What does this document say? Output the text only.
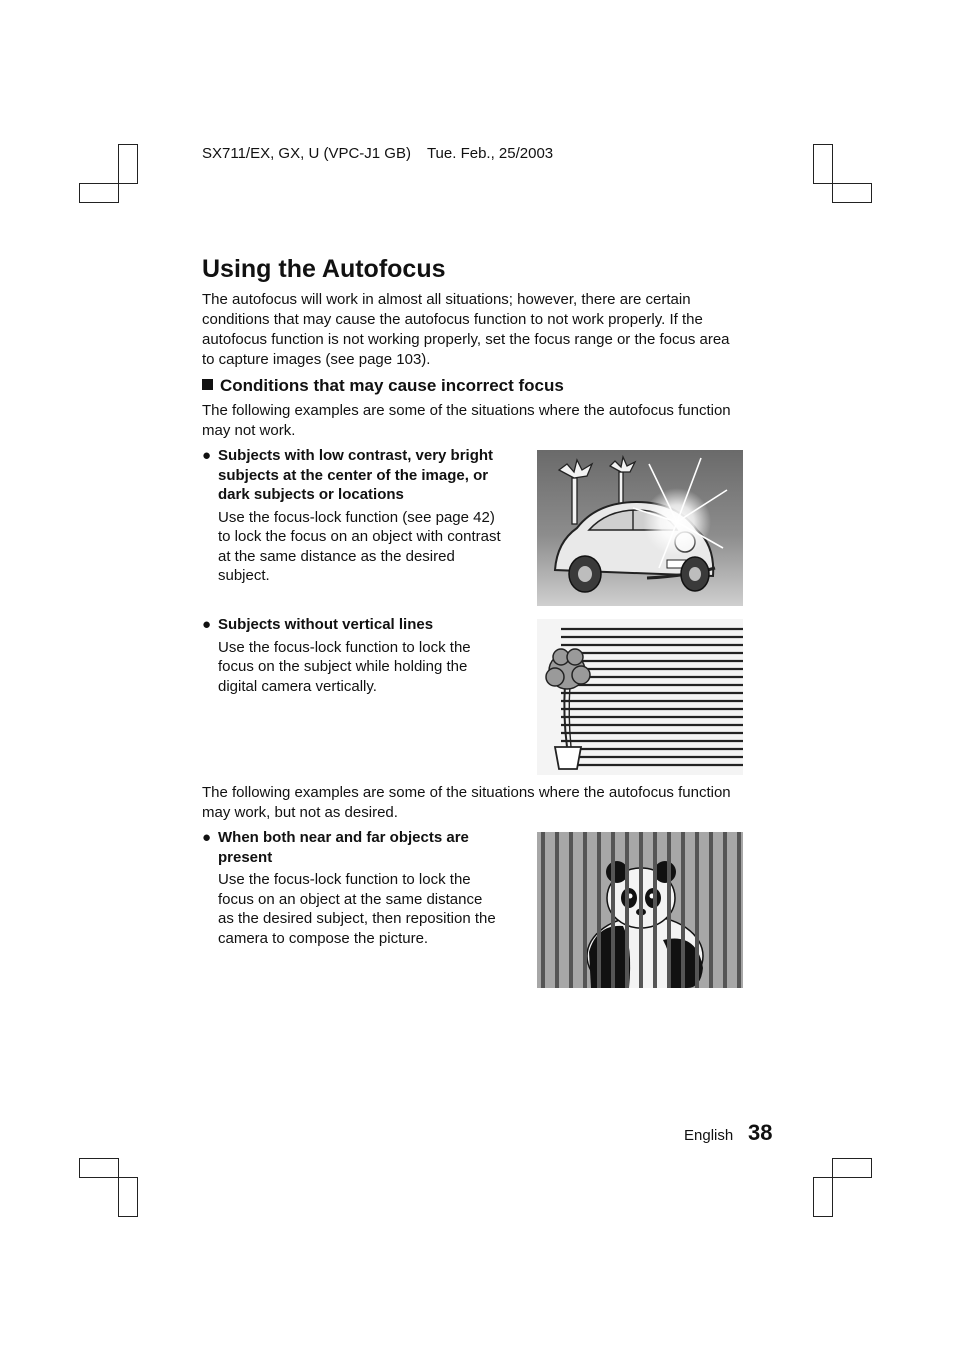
SX711/EX, GX, U (VPC-J1 GB) Tue. Feb., 25/2003
Using the Autofocus

The autofocus will work in almost all situations; however, there are certain conditions that may cause the autofocus function to not work properly. If the autofocus function is not working properly, set the focus range or the focus area to capture images (see page 103).

Conditions that may cause incorrect focus

The following examples are some of the situations where the autofocus function may not work.

● Subjects with low contrast, very bright subjects at the center of the image, or dark subjects or locations
Use the focus-lock function (see page 42) to lock the focus on an object with contrast at the same distance as the desired subject.
● Subjects without vertical lines
Use the focus-lock function to lock the focus on the subject while holding the digital camera vertically.

The following examples are some of the situations where the autofocus function may work, but not as desired.

● When both near and far objects are present
Use the focus-lock function to lock the focus on an object at the same distance as the desired subject, then reposition the camera to compose the picture.
English 38
